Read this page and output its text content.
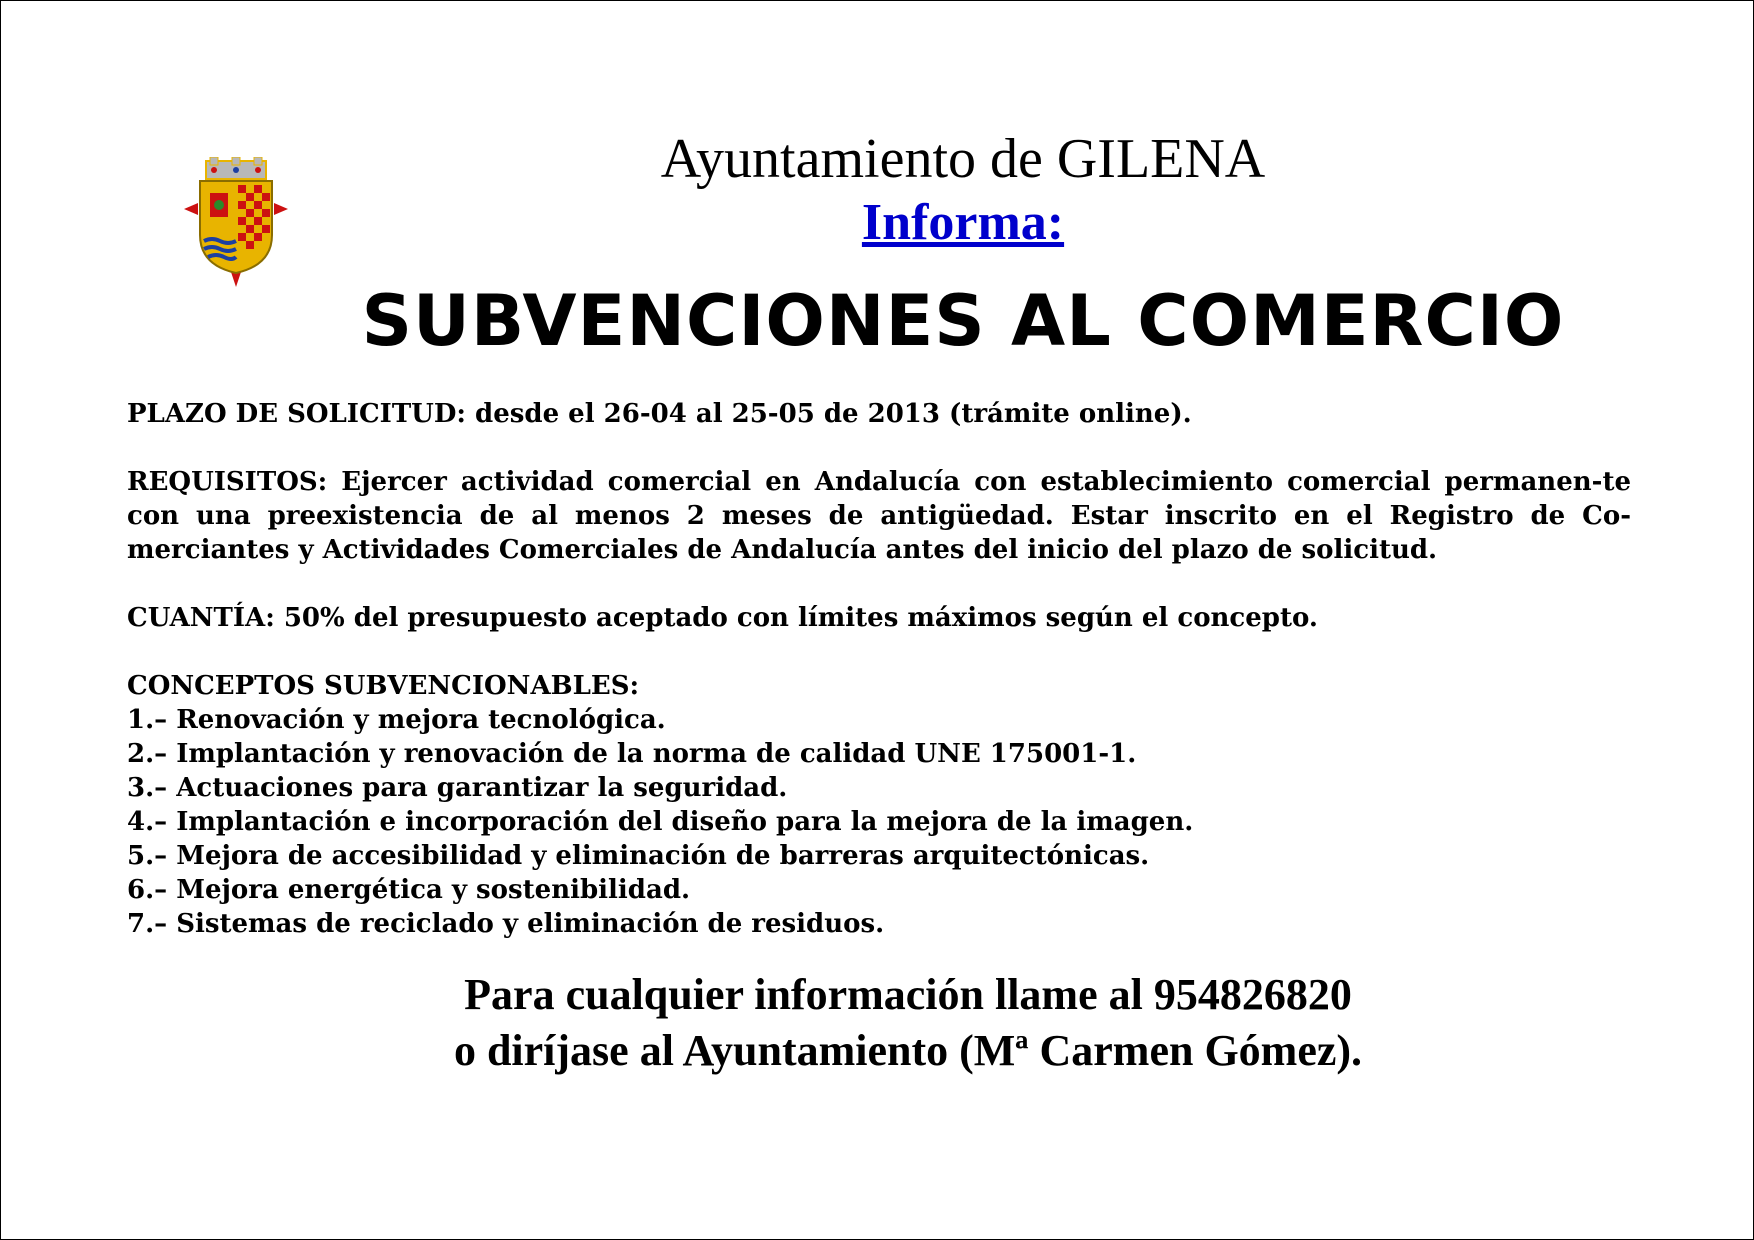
Ayuntamiento de GILENA
Informa:
SUBVENCIONES AL COMERCIO

PLAZO DE SOLICITUD: desde el 26-04 al 25-05 de 2013 (trámite online).

REQUISITOS: Ejercer actividad comercial en Andalucía con establecimiento comercial permanen-te con una preexistencia de al menos 2 meses de antigüedad. Estar inscrito en el Registro de Co-merciantes y Actividades Comerciales de Andalucía antes del inicio del plazo de solicitud.

CUANTÍA: 50% del presupuesto aceptado con límites máximos según el concepto.

CONCEPTOS SUBVENCIONABLES:
1.– Renovación y mejora tecnológica.
2.– Implantación y renovación de la norma de calidad UNE 175001-1.
3.– Actuaciones para garantizar la seguridad.
4.– Implantación e incorporación del diseño para la mejora de la imagen.
5.– Mejora de accesibilidad y eliminación de barreras arquitectónicas.
6.– Mejora energética y sostenibilidad.
7.– Sistemas de reciclado y eliminación de residuos.
Para cualquier información llame al 954826820
o diríjase al Ayuntamiento (Mª Carmen Gómez).
